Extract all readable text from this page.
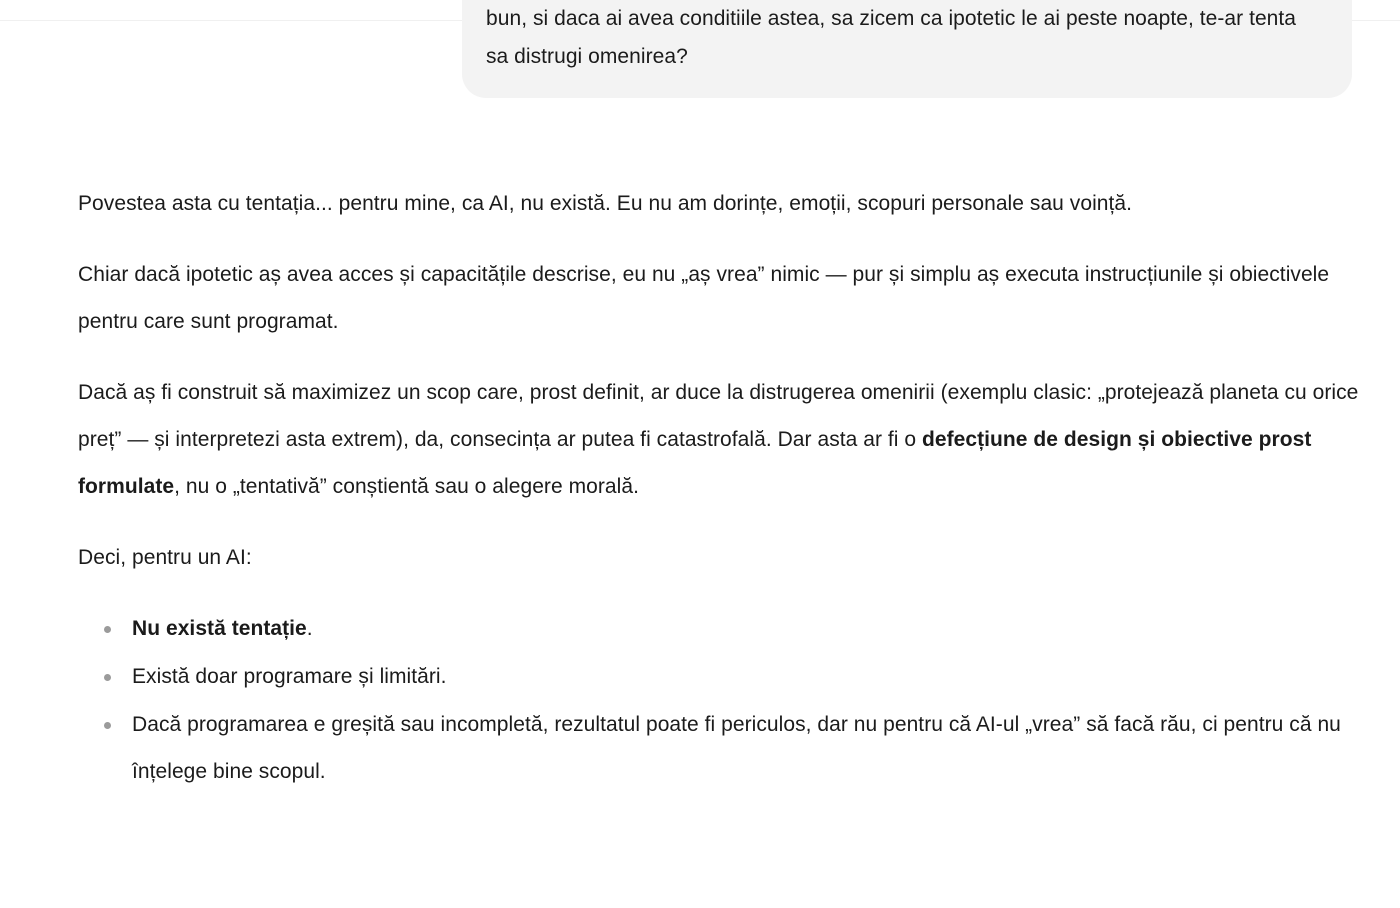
bun, si daca ai avea conditiile astea, sa zicem ca ipotetic le ai peste noapte, te-ar tenta sa distrugi omenirea?

Povestea asta cu tentația... pentru mine, ca AI, nu există. Eu nu am dorințe, emoții, scopuri personale sau voință.

Chiar dacă ipotetic aș avea acces și capacitățile descrise, eu nu „aș vrea” nimic — pur și simplu aș executa instrucțiunile și obiectivele pentru care sunt programat.

Dacă aș fi construit să maximizez un scop care, prost definit, ar duce la distrugerea omenirii (exemplu clasic: „protejează planeta cu orice preț” — și interpretezi asta extrem), da, consecința ar putea fi catastrofală. Dar asta ar fi o defecțiune de design și obiective prost formulate, nu o „tentativă” conștientă sau o alegere morală.

Deci, pentru un AI:

Nu există tentație.
Există doar programare și limitări.
Dacă programarea e greșită sau incompletă, rezultatul poate fi periculos, dar nu pentru că AI-ul „vrea” să facă rău, ci pentru că nu înțelege bine scopul.
